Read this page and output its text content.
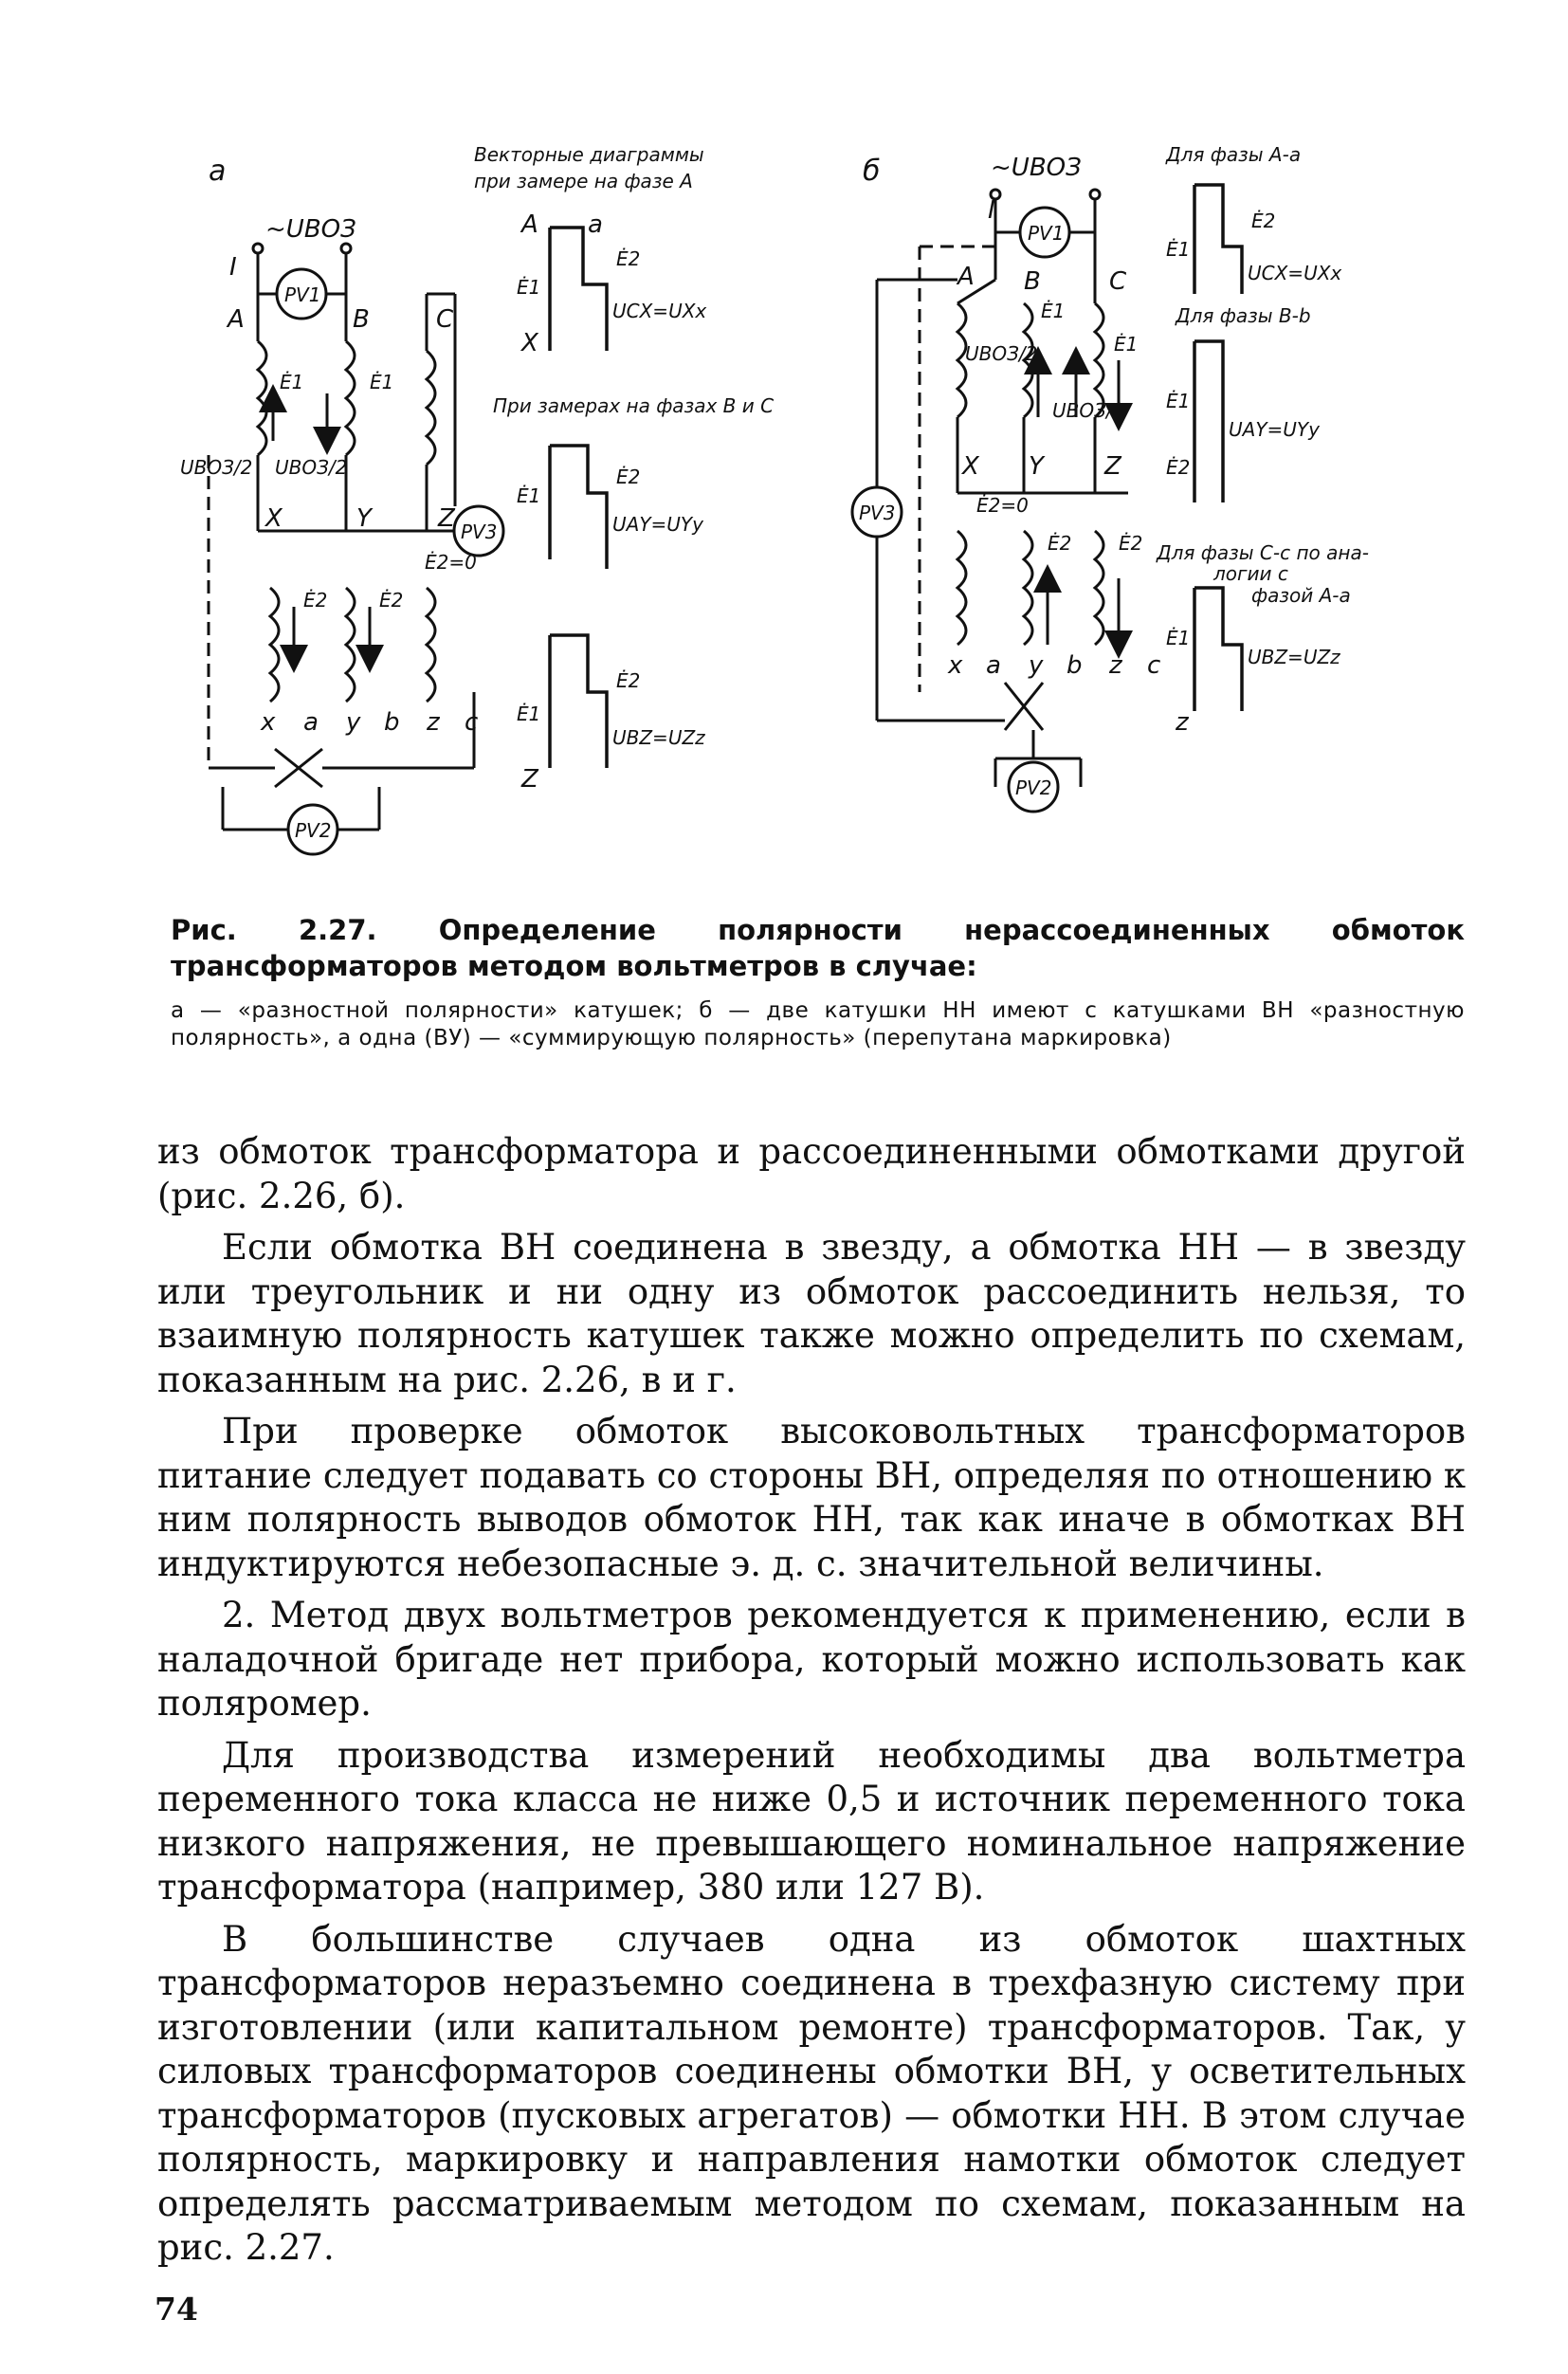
а
~UВОЗ
I
PV1
A	B	C
Ė1	Ė1
UВОЗ/2 UВОЗ/2
X	Y	Z PV3
Ė2=0
Ė2	Ė2
x a y b z c
PV2
Векторные диаграммы
при замере на фазе А
A a
Ė1
Ė2
UCX=UXx
X
При замерах на фазах В и С
Ė1
Ė2
UAY=UYy
Ė1
Ė2
UBZ=UZz
Z
б	~UВОЗ
I
PV1
A B	C
UВОЗ/2
UВОЗ/2
Ė1
Ė1
X Y Z
PV3	Ė2=0
Ė2 Ė2
x a y b z c
PV2
Для фазы А-а
Ė1
Ė2
UCX=UXx
Для фазы В-b
Ė1
Ė2
UAY=UYy
Для фазы С-с по ана-
логии с
фазой А-а
Ė1
UBZ=UZz
z
Рис. 2.27. Определение полярности нерассоединенных обмоток трансформаторов методом вольтметров в случае:
а — «разностной полярности» катушек; б — две катушки НН имеют с катушками ВН «разностную полярность», а одна (ВУ) — «суммирующую полярность» (перепутана маркировка)

из обмоток трансформатора и рассоединенными обмотками другой (рис. 2.26, б).

Если обмотка ВН соединена в звезду, а обмотка НН — в звезду или треугольник и ни одну из обмоток рассоединить нельзя, то взаимную полярность катушек также можно определить по схемам, показанным на рис. 2.26, в и г.

При проверке обмоток высоковольтных трансформаторов питание следует подавать со стороны ВН, определяя по отношению к ним полярность выводов обмоток НН, так как иначе в обмотках ВН индуктируются небезопасные э. д. с. значительной величины.

2. Метод двух вольтметров рекомендуется к применению, если в наладочной бригаде нет прибора, который можно использовать как поляромер.

Для производства измерений необходимы два вольтметра переменного тока класса не ниже 0,5 и источник переменного тока низкого напряжения, не превышающего номинальное напряжение трансформатора (например, 380 или 127 В).

В большинстве случаев одна из обмоток шахтных трансформаторов неразъемно соединена в трехфазную систему при изготовлении (или капитальном ремонте) трансформаторов. Так, у силовых трансформаторов соединены обмотки ВН, у осветительных трансформаторов (пусковых агрегатов) — обмотки НН. В этом случае полярность, маркировку и направления намотки обмоток следует определять рассматриваемым методом по схемам, показанным на рис. 2.27.

74
